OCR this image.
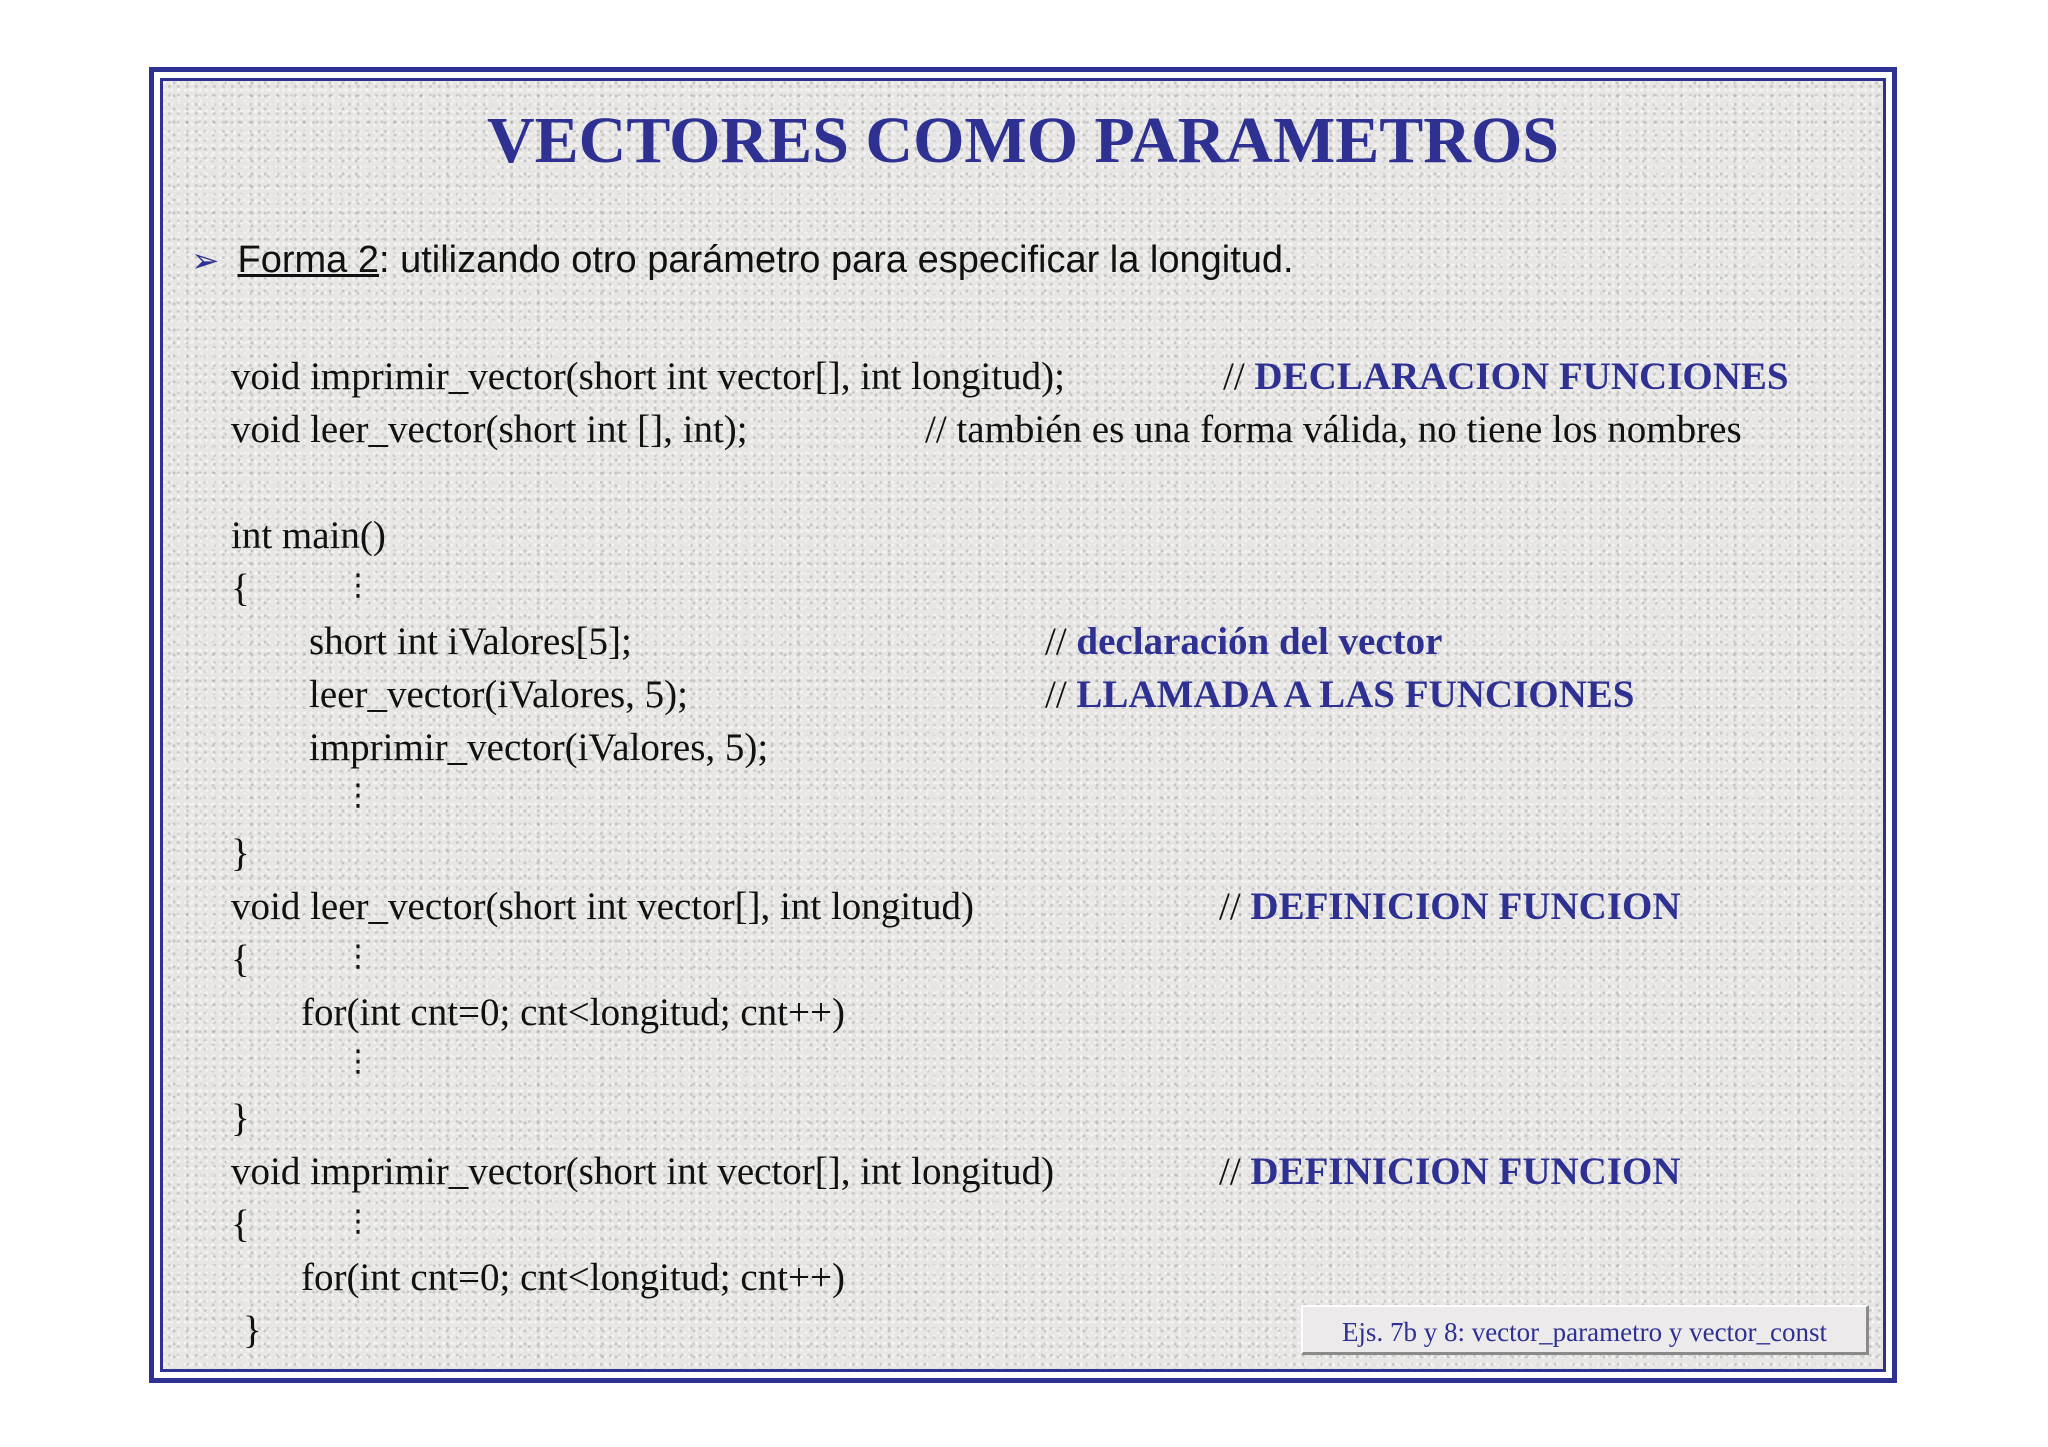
VECTORES COMO PARAMETROS
➢ Forma 2: utilizando otro parámetro para especificar la longitud.
void imprimir_vector(short int vector[], int longitud);	// DECLARACION FUNCIONES
void leer_vector(short int [], int);	// también es una forma válida, no tiene los nombres
int main()
{	⋮
short int iValores[5];	// declaración del vector
leer_vector(iValores, 5);	// LLAMADA A LAS FUNCIONES
imprimir_vector(iValores, 5);
⋮
}
void leer_vector(short int vector[], int longitud)	// DEFINICION FUNCION
{	⋮
for(int cnt=0; cnt<longitud; cnt++)
⋮
}
void imprimir_vector(short int vector[], int longitud)	// DEFINICION FUNCION
{	⋮
for(int cnt=0; cnt<longitud; cnt++)
}	Ejs. 7b y 8: vector_parametro y vector_const
